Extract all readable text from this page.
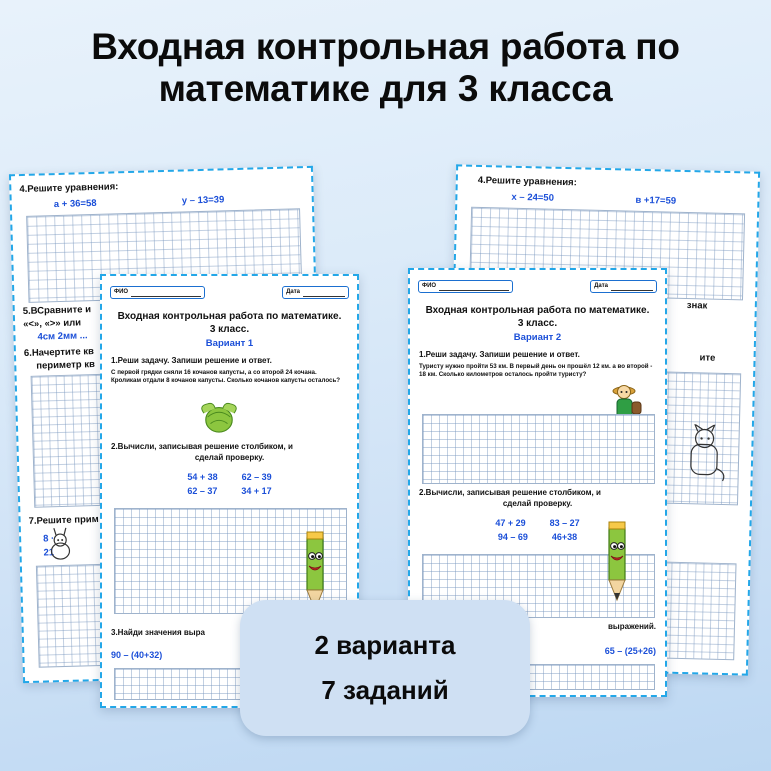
Входная контрольная работа по математике для 3 класса
4.Решите уравнения:
a + 36=58	y – 13=39
5.ВСравните и
«<», «>» или
4см 2мм ...
6.Начертите кв
периметр кв
7.Решите прим
8 ·
21
4.Решите уравнения:
x – 24=50	в +17=59
знак
ите
ФИО	Дата
Входная контрольная работа по математике.
3 класс.
Вариант 1
1.Реши задачу. Запиши решение и ответ.
С первой грядки сняли 16 кочанов капусты, а со второй 24 кочана. Кроликам отдали 8 кочанов капусты. Сколько кочанов капусты осталось?
2.Вычисли, записывая решение столбиком, и
сделай проверку.
54 + 38	62 – 39
62 – 37	34 + 17
3.Найди значения выра
90 – (40+32)
ФИО	Дата
Входная контрольная работа по математике.
3 класс.
Вариант 2
1.Реши задачу. Запиши решение и ответ.
Туристу нужно пройти 53 км. В первый день он прошёл 12 км. а во второй - 18 км. Сколько километров осталось пройти туристу?
2.Вычисли, записывая решение столбиком, и
сделай проверку.
47 + 29	83 – 27
94 – 69	46+38
выражений.
65 – (25+26)
2 варианта
7 заданий
